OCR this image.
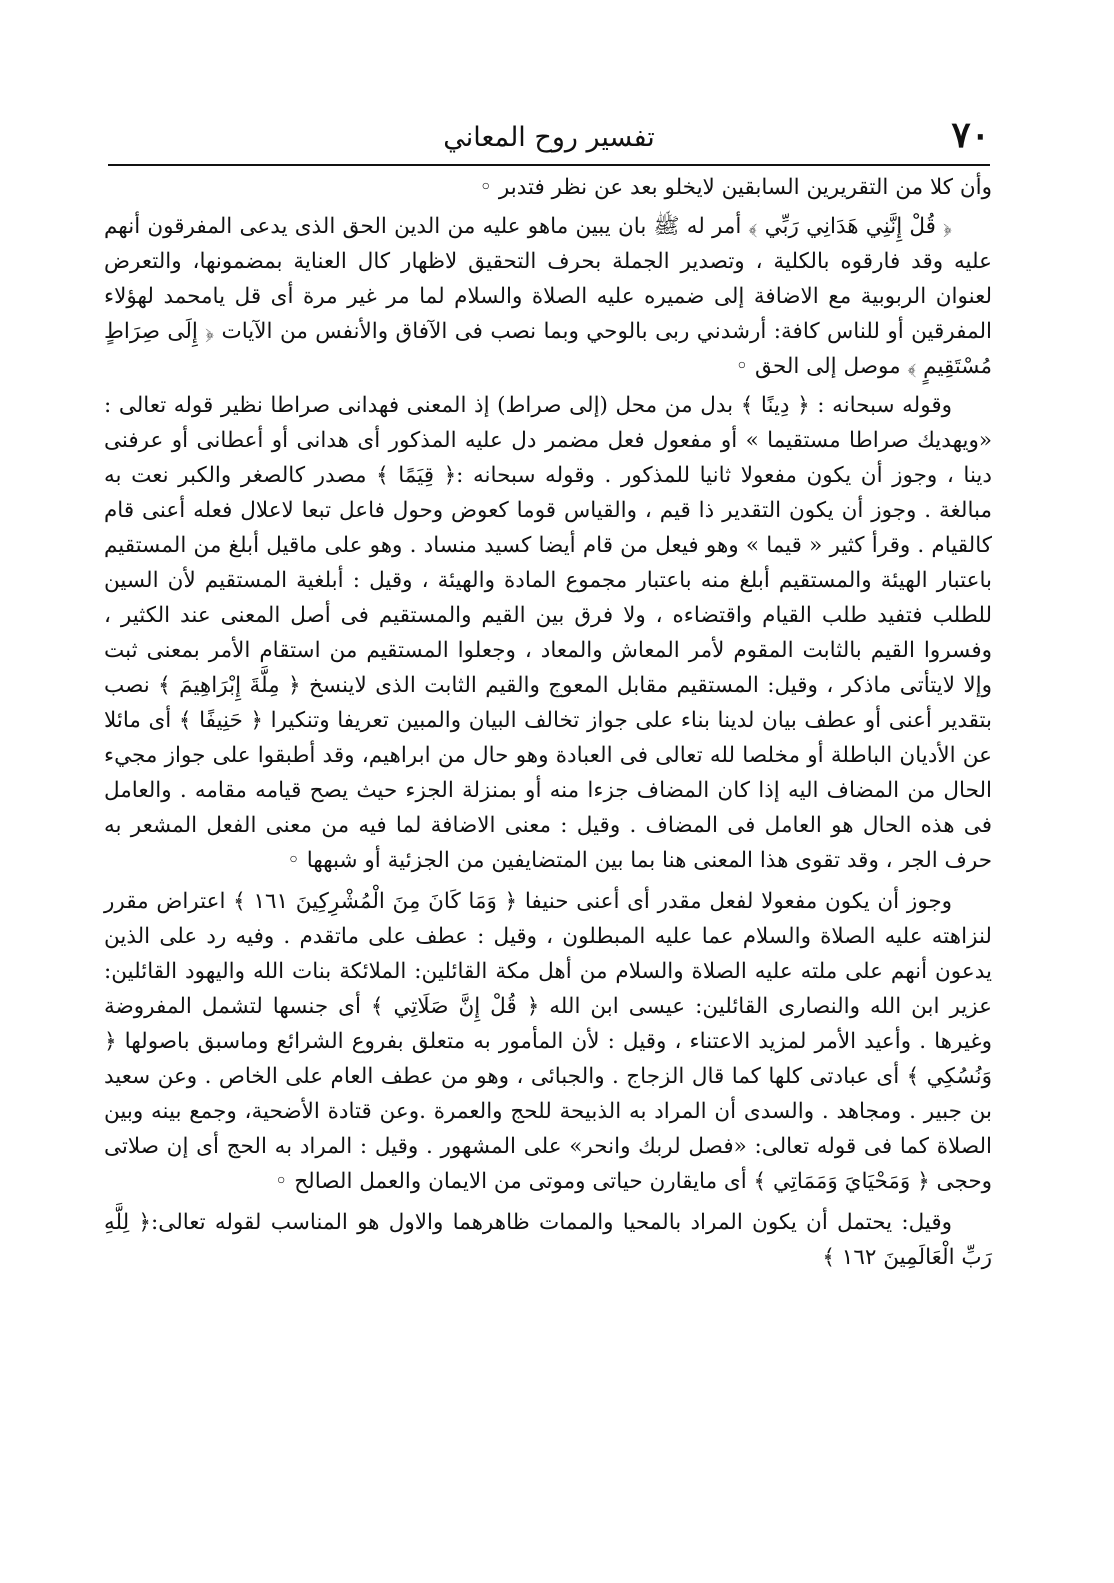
٧٠
تفسير روح المعاني

وأن كلا من التقريرين السابقين لايخلو بعد عن نظر فتدبر ◦

﴿ قُلْ إِنَّنِي هَدَانِي رَبِّي ﴾ أمر له ﷺ بان يبين ماهو عليه من الدين الحق الذى يدعى المفرقون أنهم عليه وقد فارقوه بالكلية ، وتصدير الجملة بحرف التحقيق لاظهار كال العناية بمضمونها، والتعرض لعنوان الربوبية مع الاضافة إلى ضميره عليه الصلاة والسلام لما مر غير مرة أى قل يامحمد لهؤلاء المفرقين أو للناس كافة: أرشدني ربى بالوحي وبما نصب فى الآفاق والأنفس من الآيات ﴿ إِلَى صِرَاطٍ مُسْتَقِيمٍ ﴾ موصل إلى الحق ◦

وقوله سبحانه : ﴿ دِينًا ﴾ بدل من محل (إلى صراط) إذ المعنى فهدانى صراطا نظير قوله تعالى : «ويهديك صراطا مستقيما » أو مفعول فعل مضمر دل عليه المذكور أى هدانى أو أعطانى أو عرفنى دينا ، وجوز أن يكون مفعولا ثانيا للمذكور . وقوله سبحانه :﴿ قِيَمًا ﴾ مصدر كالصغر والكبر نعت به مبالغة . وجوز أن يكون التقدير ذا قيم ، والقياس قوما كعوض وحول فاعل تبعا لاعلال فعله أعنى قام كالقيام . وقرأ كثير « قيما » وهو فيعل من قام أيضا كسيد منساد . وهو على ماقيل أبلغ من المستقيم باعتبار الهيئة والمستقيم أبلغ منه باعتبار مجموع المادة والهيئة ، وقيل : أبلغية المستقيم لأن السين للطلب فتفيد طلب القيام واقتضاءه ، ولا فرق بين القيم والمستقيم فى أصل المعنى عند الكثير ، وفسروا القيم بالثابت المقوم لأمر المعاش والمعاد ، وجعلوا المستقيم من استقام الأمر بمعنى ثبت وإلا لايتأتى ماذكر ، وقيل: المستقيم مقابل المعوج والقيم الثابت الذى لاينسخ ﴿ مِلَّةَ إِبْرَاهِيمَ ﴾ نصب بتقدير أعنى أو عطف بيان لدينا بناء على جواز تخالف البيان والمبين تعريفا وتنكيرا ﴿ حَنِيفًا ﴾ أى مائلا عن الأديان الباطلة أو مخلصا لله تعالى فى العبادة وهو حال من ابراهيم، وقد أطبقوا على جواز مجيء الحال من المضاف اليه إذا كان المضاف جزءا منه أو بمنزلة الجزء حيث يصح قيامه مقامه . والعامل فى هذه الحال هو العامل فى المضاف . وقيل : معنى الاضافة لما فيه من معنى الفعل المشعر به حرف الجر ، وقد تقوى هذا المعنى هنا بما بين المتضايفين من الجزئية أو شبهها ◦

وجوز أن يكون مفعولا لفعل مقدر أى أعنى حنيفا ﴿ وَمَا كَانَ مِنَ الْمُشْرِكِينَ ١٦١ ﴾ اعتراض مقرر لنزاهته عليه الصلاة والسلام عما عليه المبطلون ، وقيل : عطف على ماتقدم . وفيه رد على الذين يدعون أنهم على ملته عليه الصلاة والسلام من أهل مكة القائلين: الملائكة بنات الله واليهود القائلين: عزير ابن الله والنصارى القائلين: عيسى ابن الله ﴿ قُلْ إِنَّ صَلَاتِي ﴾ أى جنسها لتشمل المفروضة وغيرها . وأعيد الأمر لمزيد الاعتناء ، وقيل : لأن المأمور به متعلق بفروع الشرائع وماسبق باصولها ﴿ وَنُسُكِي ﴾ أى عبادتى كلها كما قال الزجاج . والجبائى ، وهو من عطف العام على الخاص . وعن سعيد بن جبير . ومجاهد . والسدى أن المراد به الذبيحة للحج والعمرة .وعن قتادة الأضحية، وجمع بينه وبين الصلاة كما فى قوله تعالى: «فصل لربك وانحر» على المشهور . وقيل : المراد به الحج أى إن صلاتى وحجى ﴿ وَمَحْيَايَ وَمَمَاتِي ﴾ أى مايقارن حياتى وموتى من الايمان والعمل الصالح ◦

وقيل: يحتمل أن يكون المراد بالمحيا والممات ظاهرهما والاول هو المناسب لقوله تعالى:﴿ لِلَّهِ رَبِّ الْعَالَمِينَ ١٦٢ ﴾
